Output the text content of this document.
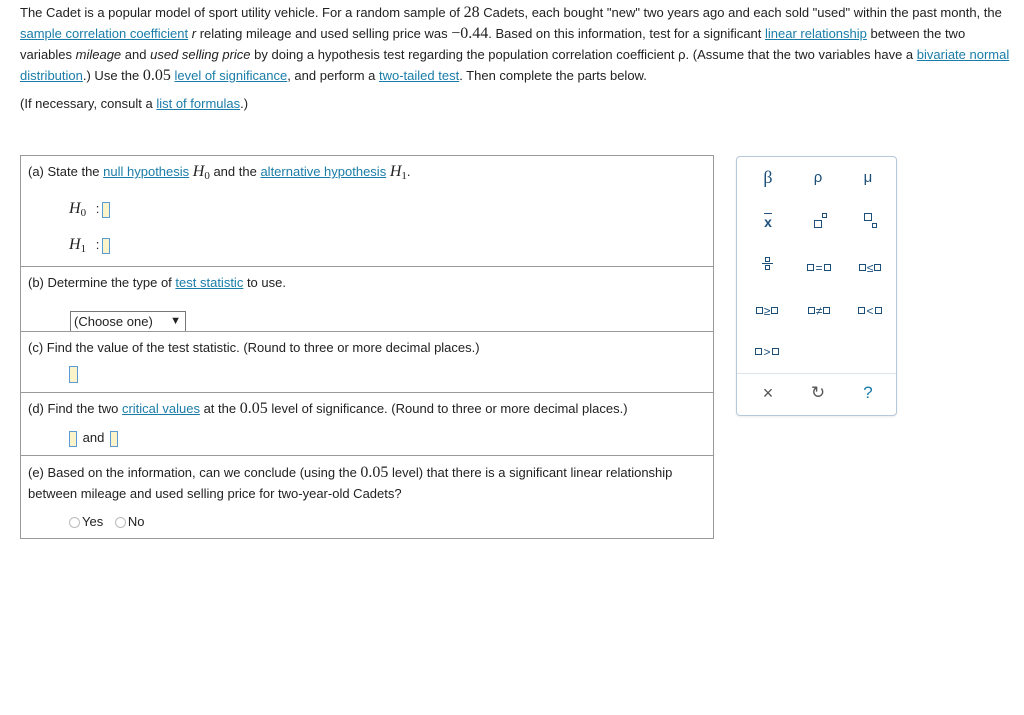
The Cadet is a popular model of sport utility vehicle. For a random sample of 28 Cadets, each bought "new" two years ago and each sold "used" within the past month, the sample correlation coefficient r relating mileage and used selling price was −0.44. Based on this information, test for a significant linear relationship between the two variables mileage and used selling price by doing a hypothesis test regarding the population correlation coefficient ρ. (Assume that the two variables have a bivariate normal distribution.) Use the 0.05 level of significance, and perform a two-tailed test. Then complete the parts below.

(If necessary, consult a list of formulas.)

(a) State the null hypothesis $H_0$ and the alternative hypothesis $H_1$.
$H_0$ :
$H_1$ :
(b) Determine the type of test statistic to use.
(Choose one) ▼
(c) Find the value of the test statistic. (Round to three or more decimal places.)
(d) Find the two critical values at the 0.05 level of significance. (Round to three or more decimal places.)
and
(e) Based on the information, can we conclude (using the 0.05 level) that there is a significant linear relationship between mileage and used selling price for two-year-old Cadets?
Yes No
β	ρ	μ
$\overline{x}$
=	≤
≥	≠	<
>
×	↻	?
